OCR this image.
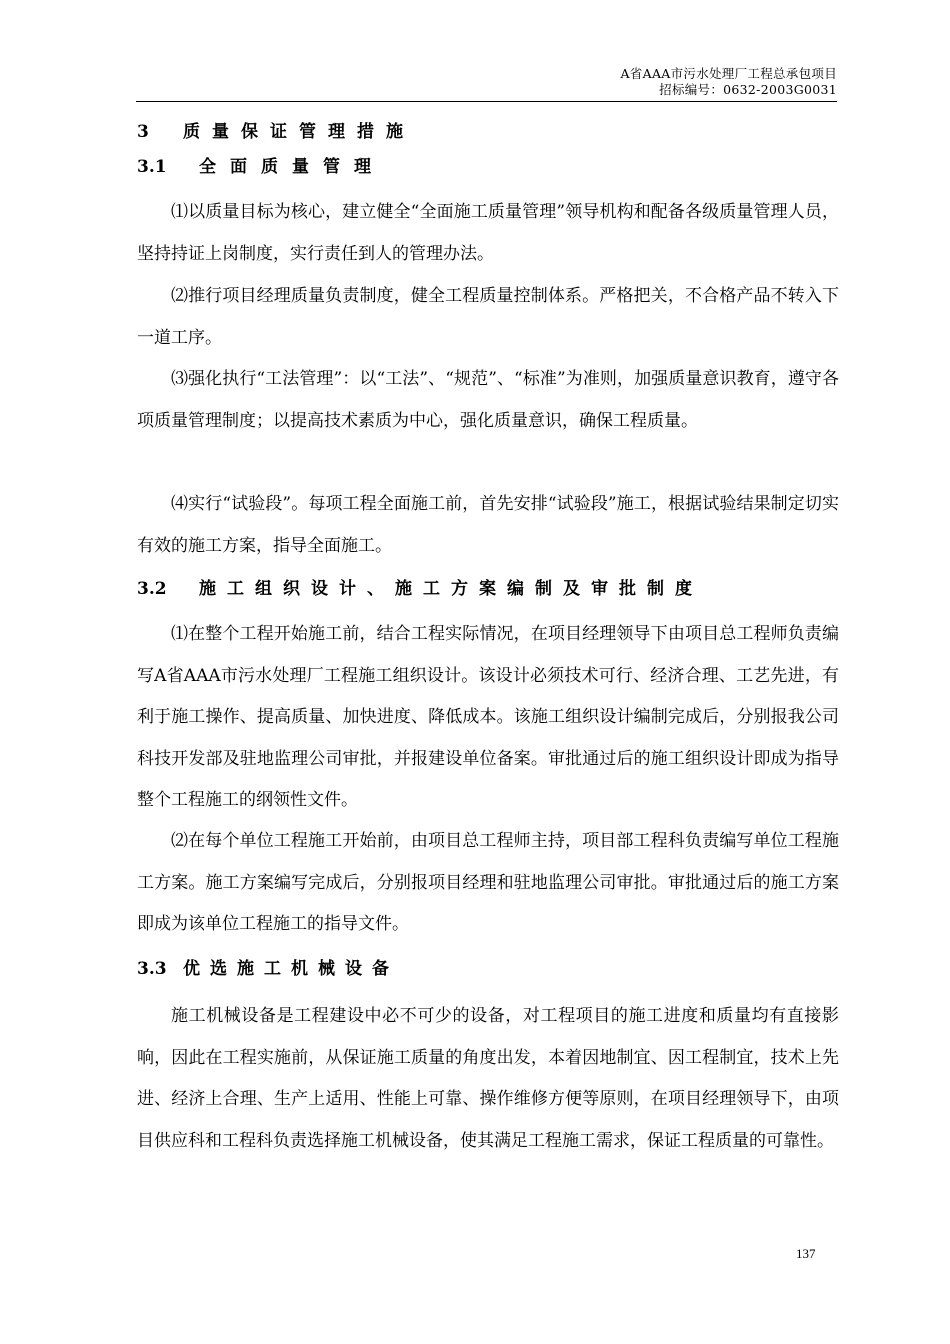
A省AAA市污水处理厂工程总承包项目
招标编号：0632-2003G0031
3 质量保证管理措施
3.1 全面质量管理

⑴以质量目标为核心，建立健全“全面施工质量管理”领导机构和配备各级质量管理人员，坚持持证上岗制度，实行责任到人的管理办法。

⑵推行项目经理质量负责制度，健全工程质量控制体系。严格把关，不合格产品不转入下一道工序。

⑶强化执行“工法管理”：以“工法”、“规范”、“标准”为准则，加强质量意识教育，遵守各项质量管理制度；以提高技术素质为中心，强化质量意识，确保工程质量。

⑷实行“试验段”。每项工程全面施工前，首先安排“试验段”施工，根据试验结果制定切实有效的施工方案，指导全面施工。

3.2 施工组织设计、施工方案编制及审批制度

⑴在整个工程开始施工前，结合工程实际情况，在项目经理领导下由项目总工程师负责编写A省AAA市污水处理厂工程施工组织设计。该设计必须技术可行、经济合理、工艺先进，有利于施工操作、提高质量、加快进度、降低成本。该施工组织设计编制完成后，分别报我公司科技开发部及驻地监理公司审批，并报建设单位备案。审批通过后的施工组织设计即成为指导整个工程施工的纲领性文件。

⑵在每个单位工程施工开始前，由项目总工程师主持，项目部工程科负责编写单位工程施工方案。施工方案编写完成后，分别报项目经理和驻地监理公司审批。审批通过后的施工方案即成为该单位工程施工的指导文件。

3.3 优选施工机械设备

施工机械设备是工程建设中必不可少的设备，对工程项目的施工进度和质量均有直接影响，因此在工程实施前，从保证施工质量的角度出发，本着因地制宜、因工程制宜，技术上先进、经济上合理、生产上适用、性能上可靠、操作维修方便等原则，在项目经理领导下，由项目供应科和工程科负责选择施工机械设备，使其满足工程施工需求，保证工程质量的可靠性。

137
